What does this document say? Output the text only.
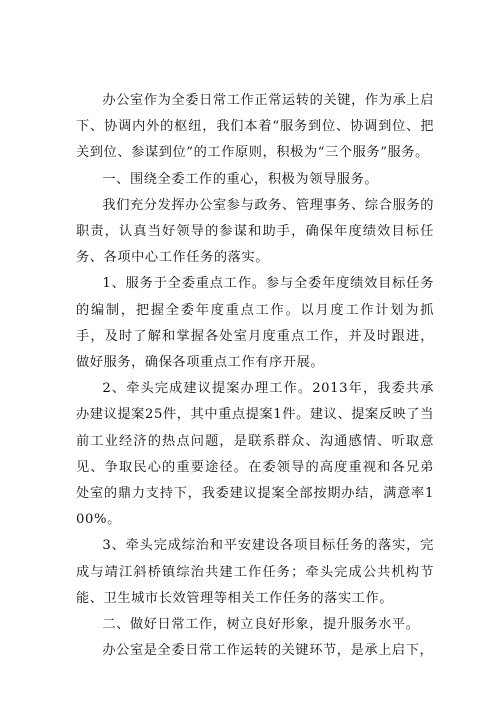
办公室作为全委日常工作正常运转的关键，作为承上启下、协调内外的枢纽，我们本着“服务到位、协调到位、把关到位、参谋到位”的工作原则，积极为“三个服务”服务。

一、围绕全委工作的重心，积极为领导服务。

我们充分发挥办公室参与政务、管理事务、综合服务的职责，认真当好领导的参谋和助手，确保年度绩效目标任务、各项中心工作任务的落实。

1、服务于全委重点工作。参与全委年度绩效目标任务的编制，把握全委年度重点工作。以月度工作计划为抓手，及时了解和掌握各处室月度重点工作，并及时跟进，做好服务，确保各项重点工作有序开展。

2、牵头完成建议提案办理工作。2013年，我委共承办建议提案25件，其中重点提案1件。建议、提案反映了当前工业经济的热点问题，是联系群众、沟通感情、听取意见、争取民心的重要途径。在委领导的高度重视和各兄弟处室的鼎力支持下，我委建议提案全部按期办结，满意率100%。

3、牵头完成综治和平安建设各项目标任务的落实，完成与靖江斜桥镇综治共建工作任务；牵头完成公共机构节能、卫生城市长效管理等相关工作任务的落实工作。

二、做好日常工作，树立良好形象，提升服务水平。

办公室是全委日常工作运转的关键环节，是承上启下，
